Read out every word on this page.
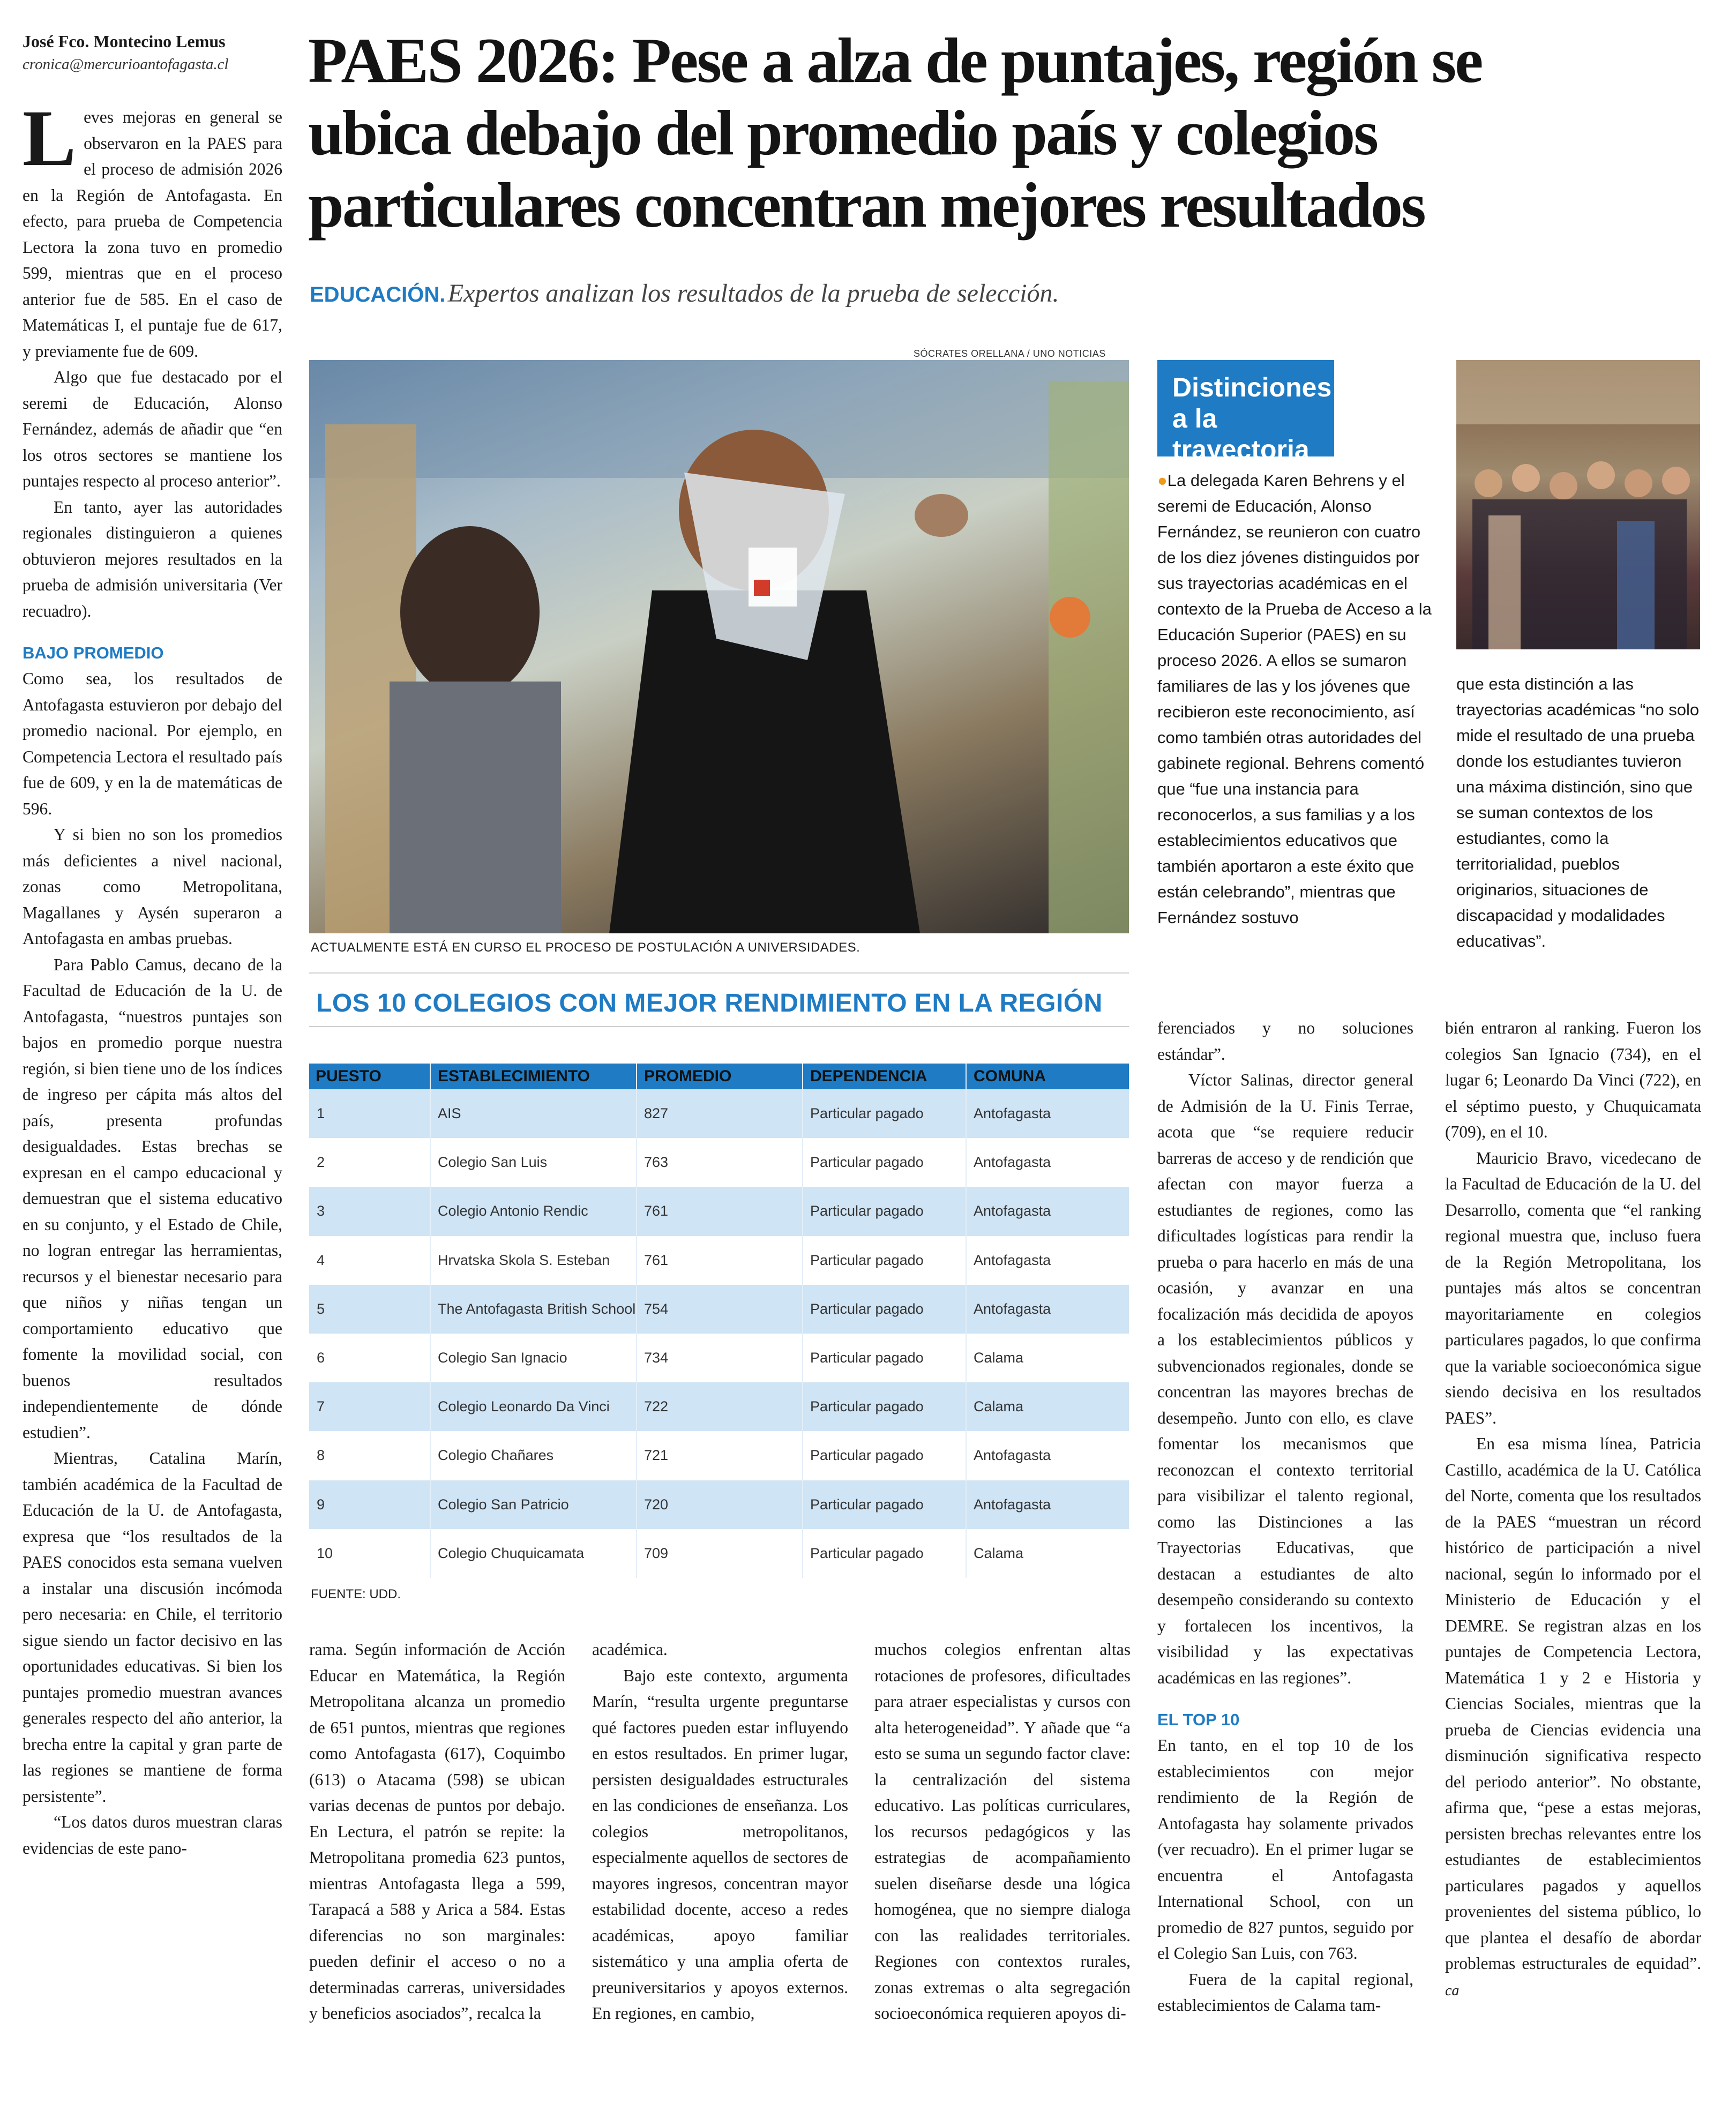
José Fco. Montecino Lemus
cronica@mercurioantofagasta.cl PAES 2026: Pese a alza de puntajes, región se
ubica debajo del promedio país y colegios
particulares concentran mejores resultados
EDUCACIÓN. Expertos analizan los resultados de la prueba de selección.

Leves mejoras en general se observaron en la PAES para el proceso de admisión 2026 en la Región de Antofagasta. En efecto, para prueba de Competencia Lectora la zona tuvo en promedio 599, mientras que en el proceso anterior fue de 585. En el caso de Matemáticas I, el puntaje fue de 617, y previamente fue de 609.

Algo que fue destacado por el seremi de Educación, Alonso Fernández, además de añadir que “en los otros sectores se mantiene los puntajes respecto al proceso anterior”.

En tanto, ayer las autoridades regionales distinguieron a quienes obtuvieron mejores resultados en la prueba de admisión universitaria (Ver recuadro).

BAJO PROMEDIO

Como sea, los resultados de Antofagasta estuvieron por debajo del promedio nacional. Por ejemplo, en Competencia Lectora el resultado país fue de 609, y en la de matemáticas de 596.

Y si bien no son los promedios más deficientes a nivel nacional, zonas como Metropolitana, Magallanes y Aysén superaron a Antofagasta en ambas pruebas.

Para Pablo Camus, decano de la Facultad de Educación de la U. de Antofagasta, “nuestros puntajes son bajos en promedio porque nuestra región, si bien tiene uno de los índices de ingreso per cápita más altos del país, presenta profundas desigualdades. Estas brechas se expresan en el campo educacional y demuestran que el sistema educativo en su conjunto, y el Estado de Chile, no logran entregar las herramientas, recursos y el bienestar necesario para que niños y niñas tengan un comportamiento educativo que fomente la movilidad social, con buenos resultados independientemente de dónde estudien”.

Mientras, Catalina Marín, también académica de la Facultad de Educación de la U. de Antofagasta, expresa que “los resultados de la PAES conocidos esta semana vuelven a instalar una discusión incómoda pero necesaria: en Chile, el territorio sigue siendo un factor decisivo en las oportunidades educativas. Si bien los puntajes promedio muestran avances generales respecto del año anterior, la brecha entre la capital y gran parte de las regiones se mantiene de forma persistente”.

“Los datos duros muestran claras evidencias de este pano-

SÓCRATES ORELLANA / UNO NOTICIAS
ACTUALMENTE ESTÁ EN CURSO EL PROCESO DE POSTULACIÓN A UNIVERSIDADES.
Distinciones a la trayectoria

●La delegada Karen Behrens y el seremi de Educación, Alonso Fernández, se reunieron con cuatro de los diez jóvenes distinguidos por sus trayectorias académicas en el contexto de la Prueba de Acceso a la Educación Superior (PAES) en su proceso 2026. A ellos se sumaron familiares de las y los jóvenes que recibieron este reconocimiento, así como también otras autoridades del gabinete regional. Behrens comentó que “fue una instancia para reconocerlos, a sus familias y a los establecimientos educativos que también aportaron a este éxito que están celebrando”, mientras que Fernández sostuvo

que esta distinción a las trayectorias académicas “no solo mide el resultado de una prueba donde los estudiantes tuvieron una máxima distinción, sino que se suman contextos de los estudiantes, como la territorialidad, pueblos originarios, situaciones de discapacidad y modalidades educativas”.

LOS 10 COLEGIOS CON MEJOR RENDIMIENTO EN LA REGIÓN
PUESTO	ESTABLECIMIENTO	PROMEDIO	DEPENDENCIA	COMUNA
1	AIS	827	Particular pagado	Antofagasta
2	Colegio San Luis	763	Particular pagado	Antofagasta
3	Colegio Antonio Rendic	761	Particular pagado	Antofagasta
4	Hrvatska Skola S. Esteban 761	Particular pagado	Antofagasta
5	The Antofagasta British School 754	Particular pagado	Antofagasta
6	Colegio San Ignacio	734	Particular pagado	Calama
7	Colegio Leonardo Da Vinci 722	Particular pagado	Calama
8	Colegio Chañares	721	Particular pagado	Antofagasta
9	Colegio San Patricio	720	Particular pagado	Antofagasta
10	Colegio Chuquicamata	709	Particular pagado	Calama
FUENTE: UDD.

rama. Según información de Acción Educar en Matemática, la Región Metropolitana alcanza un promedio de 651 puntos, mientras que regiones como Antofagasta (617), Coquimbo (613) o Atacama (598) se ubican varias decenas de puntos por debajo. En Lectura, el patrón se repite: la Metropolitana promedia 623 puntos, mientras Antofagasta llega a 599, Tarapacá a 588 y Arica a 584. Estas diferencias no son marginales: pueden definir el acceso o no a determinadas carreras, universidades y beneficios asociados”, recalca la

académica.

Bajo este contexto, argumenta Marín, “resulta urgente preguntarse qué factores pueden estar influyendo en estos resultados. En primer lugar, persisten desigualdades estructurales en las condiciones de enseñanza. Los colegios metropolitanos, especialmente aquellos de sectores de mayores ingresos, concentran mayor estabilidad docente, acceso a redes académicas, apoyo familiar sistemático y una amplia oferta de preuniversitarios y apoyos externos. En regiones, en cambio,

muchos colegios enfrentan altas rotaciones de profesores, dificultades para atraer especialistas y cursos con alta heterogeneidad”. Y añade que “a esto se suma un segundo factor clave: la centralización del sistema educativo. Las políticas curriculares, los recursos pedagógicos y las estrategias de acompañamiento suelen diseñarse desde una lógica homogénea, que no siempre dialoga con las realidades territoriales. Regiones con contextos rurales, zonas extremas o alta segregación socioeconómica requieren apoyos di-

ferenciados y no soluciones estándar”.

Víctor Salinas, director general de Admisión de la U. Finis Terrae, acota que “se requiere reducir barreras de acceso y de rendición que afectan con mayor fuerza a estudiantes de regiones, como las dificultades logísticas para rendir la prueba o para hacerlo en más de una ocasión, y avanzar en una focalización más decidida de apoyos a los establecimientos públicos y subvencionados regionales, donde se concentran las mayores brechas de desempeño. Junto con ello, es clave fomentar los mecanismos que reconozcan el contexto territorial para visibilizar el talento regional, como las Distinciones a las Trayectorias Educativas, que destacan a estudiantes de alto desempeño considerando su contexto y fortalecen los incentivos, la visibilidad y las expectativas académicas en las regiones”.

EL TOP 10

En tanto, en el top 10 de los establecimientos con mejor rendimiento de la Región de Antofagasta hay solamente privados (ver recuadro). En el primer lugar se encuentra el Antofagasta International School, con un promedio de 827 puntos, seguido por el Colegio San Luis, con 763.

Fuera de la capital regional, establecimientos de Calama tam-

bién entraron al ranking. Fueron los colegios San Ignacio (734), en el lugar 6; Leonardo Da Vinci (722), en el séptimo puesto, y Chuquicamata (709), en el 10.

Mauricio Bravo, vicedecano de la Facultad de Educación de la U. del Desarrollo, comenta que “el ranking regional muestra que, incluso fuera de la Región Metropolitana, los puntajes más altos se concentran mayoritariamente en colegios particulares pagados, lo que confirma que la variable socioeconómica sigue siendo decisiva en los resultados PAES”.

En esa misma línea, Patricia Castillo, académica de la U. Católica del Norte, comenta que los resultados de la PAES “muestran un récord histórico de participación a nivel nacional, según lo informado por el Ministerio de Educación y el DEMRE. Se registran alzas en los puntajes de Competencia Lectora, Matemática 1 y 2 e Historia y Ciencias Sociales, mientras que la prueba de Ciencias evidencia una disminución significativa respecto del periodo anterior”. No obstante, afirma que, “pese a estas mejoras, persisten brechas relevantes entre los estudiantes de establecimientos particulares pagados y aquellos provenientes del sistema público, lo que plantea el desafío de abordar problemas estructurales de equidad”. ca
